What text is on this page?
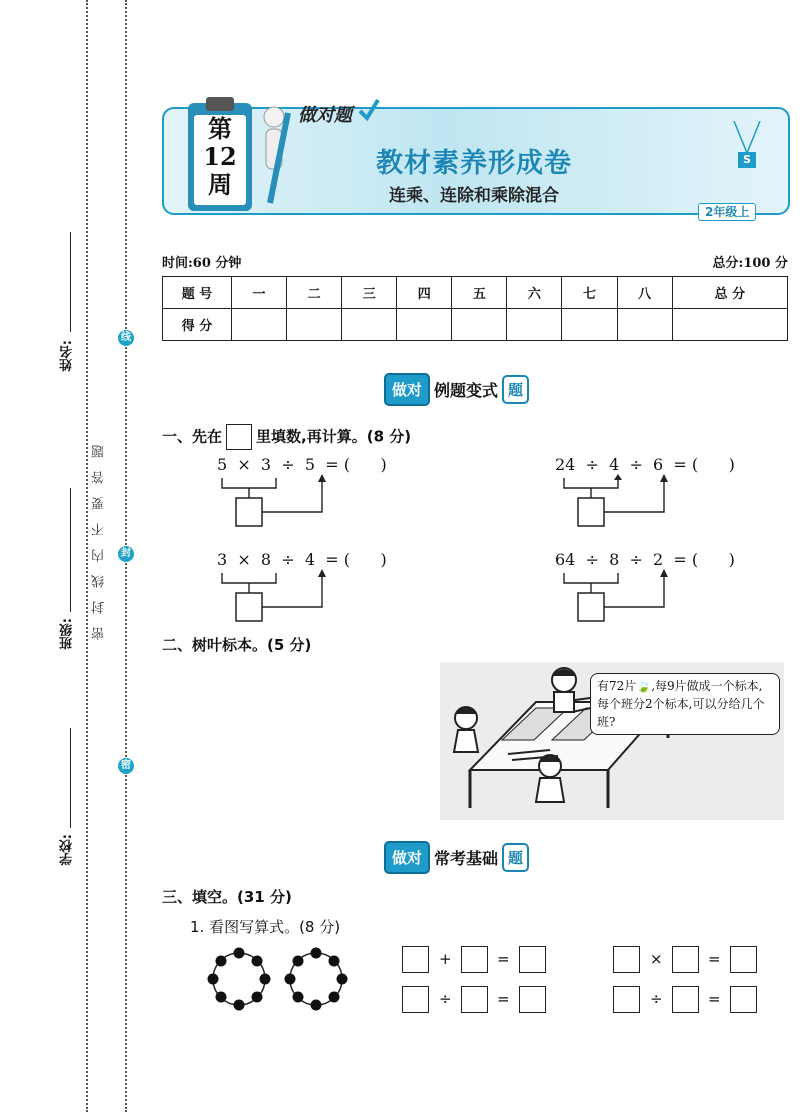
姓名:
班级:
学校:
线
封
密
密封线内不要答题
第
12
周
做对题
教材素养形成卷
连乘、连除和乘除混合
S
2年级上
时间:60 分钟	总分:100 分
题 号	一	二	三	四	五	六	七	八	总 分
得 分									
做对 例题变式 题
一、先在 里填数,再计算。(8 分)
5  ×  3  ÷  5  = (      )	24  ÷  4  ÷  6  = (      )
3  ×  8  ÷  4  = (      )	64  ÷  8  ÷  2  = (      )
二、树叶标本。(5 分)
有72片🍃,每9片做成一个标本,每个班分2个标本,可以分给几个班?
做对 常考基础 题
三、填空。(31 分)
1. 看图写算式。(8 分)
+	=
÷	=
×	=
÷	=
